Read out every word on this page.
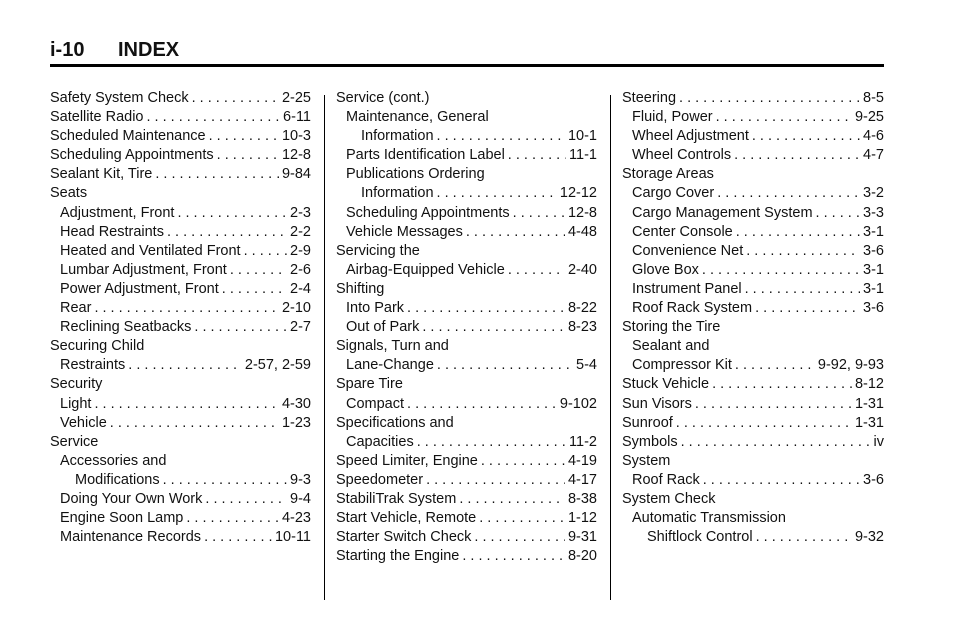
i-10 INDEX
Safety System Check . . .	2-25
Satellite Radio . . .	6-11
Scheduled Maintenance . . .	10-3
Scheduling Appointments . . .	12-8
Sealant Kit, Tire . . .	9-84
Seats
Adjustment, Front . . .	2-3
Head Restraints . . .	2-2
Heated and Ventilated Front . . .	2-9
Lumbar Adjustment, Front . . .	2-6
Power Adjustment, Front . . .	2-4
Rear . . .	2-10
Reclining Seatbacks . . .	2-7
Securing Child
Restraints . . .	2-57, 2-59
Security
Light . . .	4-30
Vehicle . . .	1-23
Service
Accessories and
Modifications . . .	9-3
Doing Your Own Work . . .	9-4
Engine Soon Lamp . . .	4-23
Maintenance Records . . .	10-11
Service (cont.)
Maintenance, General
Information . . .	10-1
Parts Identification Label . . .	11-1
Publications Ordering
Information . . .	12-12
Scheduling Appointments . . .	12-8
Vehicle Messages . . .	4-48
Servicing the
Airbag-Equipped Vehicle . . .	2-40
Shifting
Into Park . . .	8-22
Out of Park . . .	8-23
Signals, Turn and
Lane-Change . . .	5-4
Spare Tire
Compact . . .	9-102
Specifications and
Capacities . . .	11-2
Speed Limiter, Engine . . .	4-19
Speedometer . . .	4-17
StabiliTrak System . . .	8-38
Start Vehicle, Remote . . .	1-12
Starter Switch Check . . .	9-31
Starting the Engine . . .	8-20
Steering . . .	8-5
Fluid, Power . . .	9-25
Wheel Adjustment . . .	4-6
Wheel Controls . . .	4-7
Storage Areas
Cargo Cover . . .	3-2
Cargo Management System . . .	3-3
Center Console . . .	3-1
Convenience Net . . .	3-6
Glove Box . . .	3-1
Instrument Panel . . .	3-1
Roof Rack System . . .	3-6
Storing the Tire
Sealant and
Compressor Kit . . .	9-92, 9-93
Stuck Vehicle . . .	8-12
Sun Visors . . .	1-31
Sunroof . . .	1-31
Symbols . . .	iv
System
Roof Rack . . .	3-6
System Check
Automatic Transmission
Shiftlock Control . . .	9-32
